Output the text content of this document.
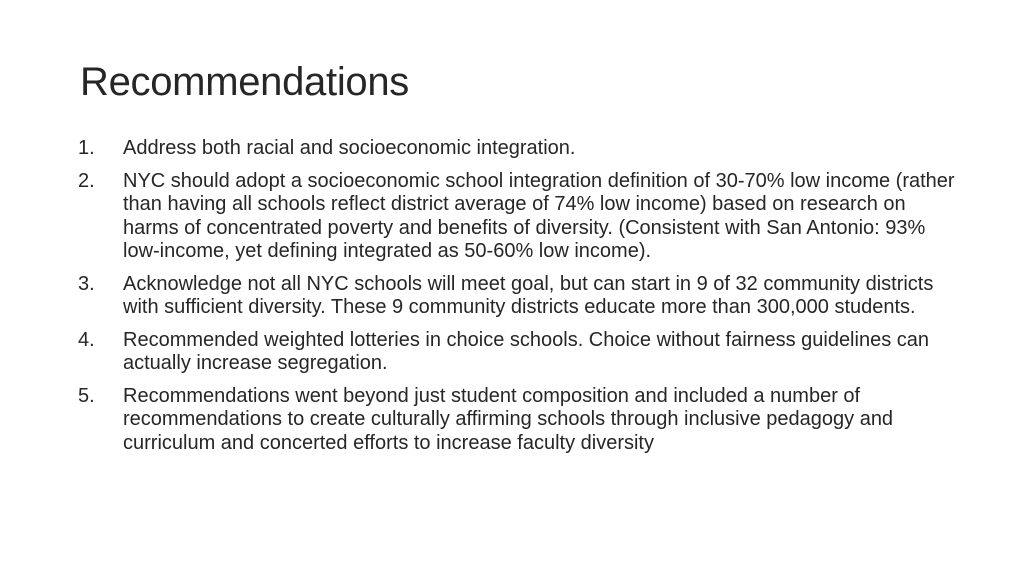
Recommendations
1.	Address both racial and socioeconomic integration.
2.	NYC should adopt a socioeconomic school integration definition of 30-70% low income (rather than having all schools reflect district average of 74% low income) based on research on harms of concentrated poverty and benefits of diversity. (Consistent with San Antonio: 93% low-income, yet defining integrated as 50-60% low income).
3.	Acknowledge not all NYC schools will meet goal, but can start in 9 of 32 community districts with sufficient diversity. These 9 community districts educate more than 300,000 students.
4.	Recommended weighted lotteries in choice schools. Choice without fairness guidelines can actually increase segregation.
5.	Recommendations went beyond just student composition and included a number of recommendations to create culturally affirming schools through inclusive pedagogy and curriculum and concerted efforts to increase faculty diversity
